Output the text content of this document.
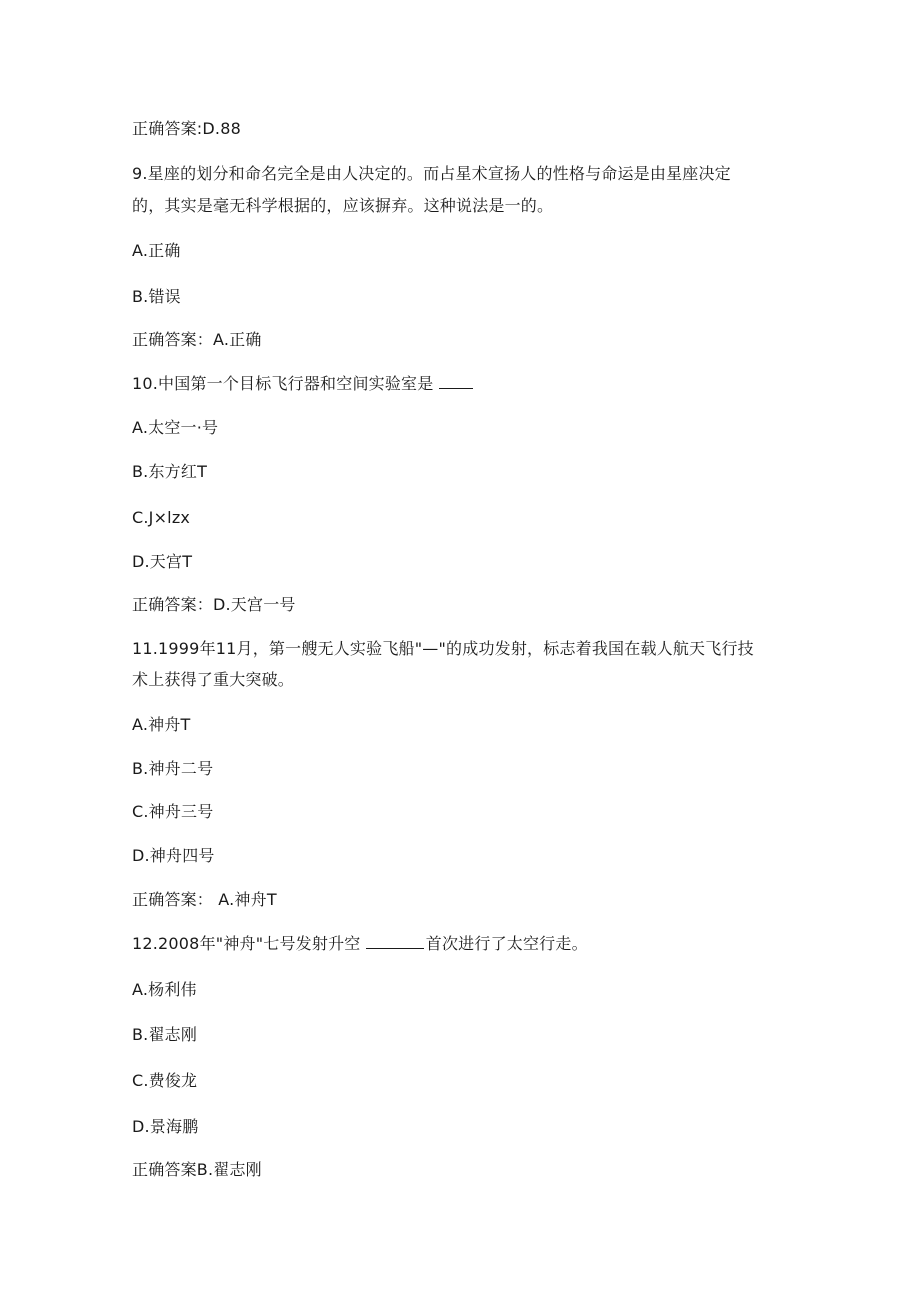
正确答案:D.88
9.星座的划分和命名完全是由人决定的。而占星术宣扬人的性格与命运是由星座决定
的，其实是毫无科学根据的，应该摒弃。这种说法是一的。
A.正确
B.错误
正确答案：A.正确
10.中国第一个目标飞行器和空间实验室是
A.太空一·号
B.东方红T
C.J×lzx
D.天宫T
正确答案：D.天宫一号
11.1999年11月，第一艘无人实验飞船"—"的成功发射，标志着我国在载人航天飞行技
术上获得了重大突破。
A.神舟T
B.神舟二号
C.神舟三号
D.神舟四号
正确答案： A.神舟T
12.2008年"神舟"七号发射升空	首次进行了太空行走。
A.杨利伟
B.翟志刚
C.费俊龙
D.景海鹏
正确答案B.翟志刚
